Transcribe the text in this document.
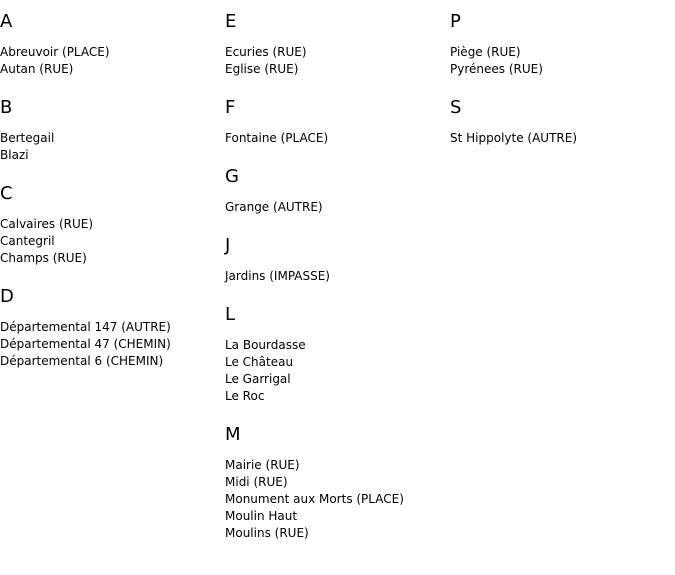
A
Abreuvoir (PLACE)
Autan (RUE)
B
Bertegail
Blazi
C
Calvaires (RUE)
Cantegril
Champs (RUE)
D
Départemental 147 (AUTRE)
Départemental 47 (CHEMIN)
Départemental 6 (CHEMIN)
E
Ecuries (RUE)
Eglise (RUE)
F
Fontaine (PLACE)
G
Grange (AUTRE)
J
Jardins (IMPASSE)
L
La Bourdasse
Le Château
Le Garrigal
Le Roc
M
Mairie (RUE)
Midi (RUE)
Monument aux Morts (PLACE)
Moulin Haut
Moulins (RUE)
P
Piège (RUE)
Pyrénees (RUE)
S
St Hippolyte (AUTRE)
